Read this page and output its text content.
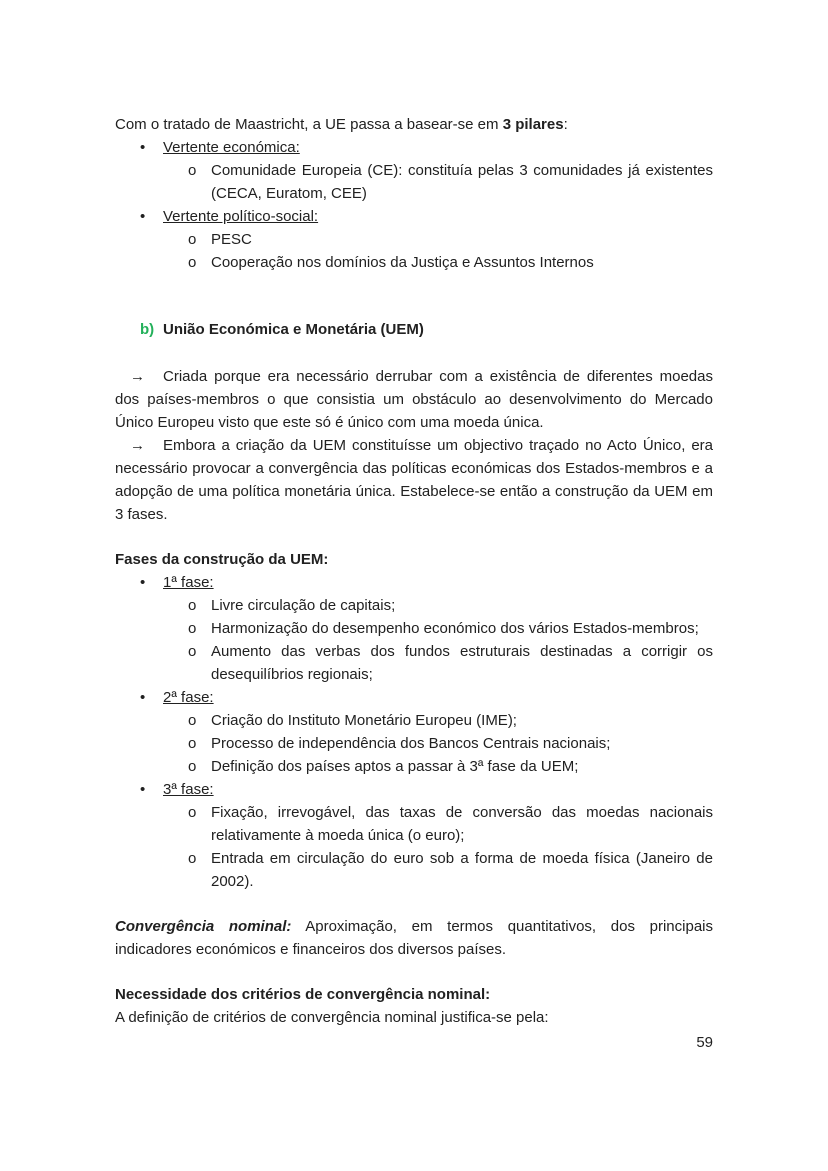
Com o tratado de Maastricht, a UE passa a basear-se em 3 pilares:

•	Vertente económica:
o Comunidade Europeia (CE): constituía pelas 3 comunidades já existentes (CECA, Euratom, CEE)
•	Vertente político-social:
o PESC
o Cooperação nos domínios da Justiça e Assuntos Internos
b) União Económica e Monetária (UEM)

→ Criada porque era necessário derrubar com a existência de diferentes moedas dos países-membros o que consistia um obstáculo ao desenvolvimento do Mercado Único Europeu visto que este só é único com uma moeda única.

→ Embora a criação da UEM constituísse um objectivo traçado no Acto Único, era necessário provocar a convergência das políticas económicas dos Estados-membros e a adopção de uma política monetária única. Estabelece-se então a construção da UEM em 3 fases.

Fases da construção da UEM:

•	1ª fase:
o Livre circulação de capitais;
o Harmonização do desempenho económico dos vários Estados-membros;
o Aumento das verbas dos fundos estruturais destinadas a corrigir os desequilíbrios regionais;
•	2ª fase:
o Criação do Instituto Monetário Europeu (IME);
o Processo de independência dos Bancos Centrais nacionais;
o Definição dos países aptos a passar à 3ª fase da UEM;
•	3ª fase:
o Fixação, irrevogável, das taxas de conversão das moedas nacionais relativamente à moeda única (o euro);
o Entrada em circulação do euro sob a forma de moeda física (Janeiro de 2002).

Convergência nominal: Aproximação, em termos quantitativos, dos principais indicadores económicos e financeiros dos diversos países.

Necessidade dos critérios de convergência nominal:

A definição de critérios de convergência nominal justifica-se pela:

59
